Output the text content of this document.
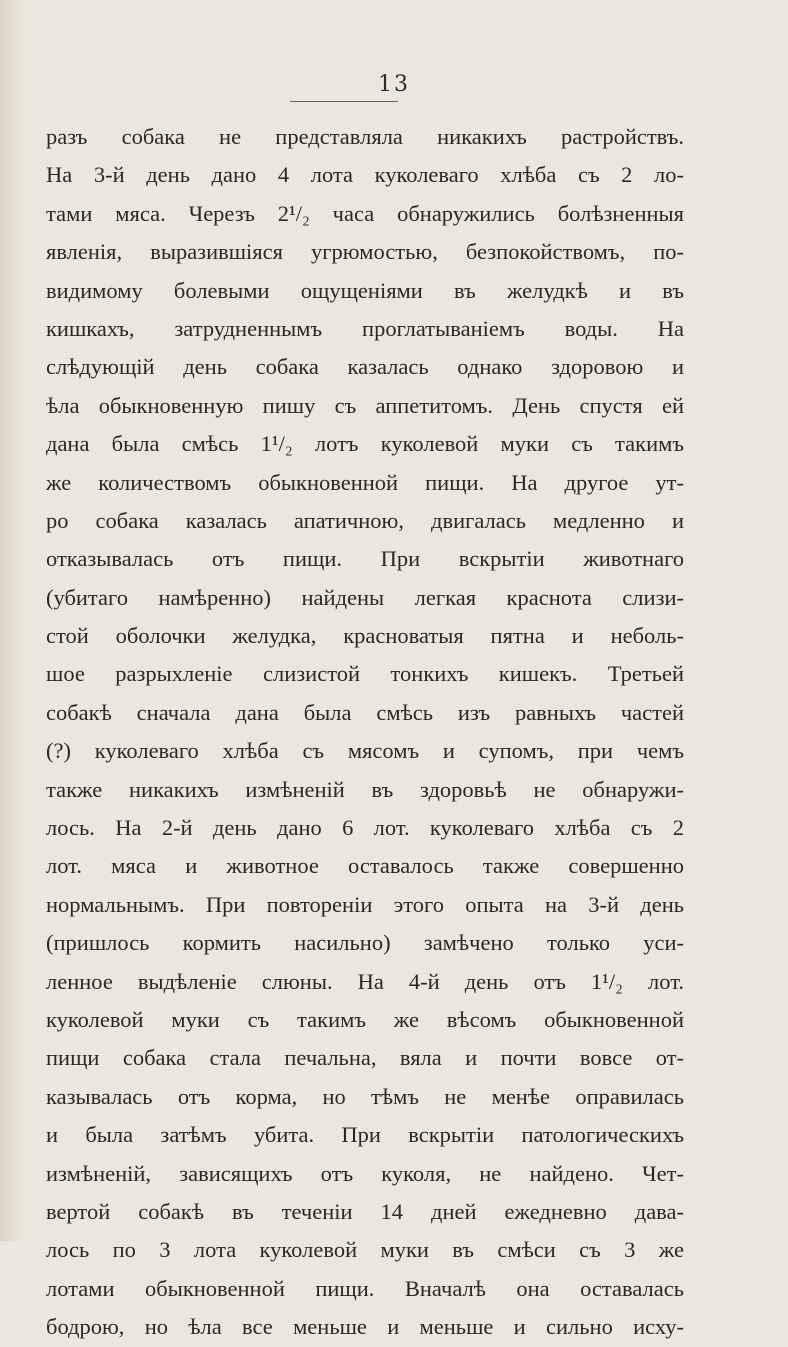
13
разъ собака не представляла никакихъ растройствъ.
На 3-й день дано 4 лота куколеваго хлѣба съ 2 ло-
тами мяса. Черезъ 2¹/₂ часа обнаружились болѣзненныя
явленія, выразившіяся угрюмостью, безпокойствомъ, по-
видимому болевыми ощущеніями въ желудкѣ и въ
кишкахъ, затрудненнымъ проглатываніемъ воды. На
слѣдующій день собака казалась однако здоровою и
ѣла обыкновенную пишу съ аппетитомъ. День спустя ей
дана была смѣсь 1¹/₂ лотъ куколевой муки съ такимъ
же количествомъ обыкновенной пищи. На другое ут-
ро собака казалась апатичною, двигалась медленно и
отказывалась отъ пищи. При вскрытіи животнаго
(убитаго намѣренно) найдены легкая краснота слизи-
стой оболочки желудка, красноватыя пятна и неболь-
шое разрыхленіе слизистой тонкихъ кишекъ. Третьей
собакѣ сначала дана была смѣсь изъ равныхъ частей
(?) куколеваго хлѣба съ мясомъ и супомъ, при чемъ
также никакихъ измѣненій въ здоровьѣ не обнаружи-
лось. На 2-й день дано 6 лот. куколеваго хлѣба съ 2
лот. мяса и животное оставалось также совершенно
нормальнымъ. При повтореніи этого опыта на 3-й день
(пришлось кормить насильно) замѣчено только уси-
ленное выдѣленіе слюны. На 4-й день отъ 1¹/₂ лот.
куколевой муки съ такимъ же вѣсомъ обыкновенной
пищи собака стала печальна, вяла и почти вовсе от-
казывалась отъ корма, но тѣмъ не менѣе оправилась
и была затѣмъ убита. При вскрытіи патологическихъ
измѣненій, зависящихъ отъ куколя, не найдено. Чет-
вертой собакѣ въ теченіи 14 дней ежедневно дава-
лось по 3 лота куколевой муки въ смѣси съ 3 же
лотами обыкновенной пищи. Вначалѣ она оставалась
бодрою, но ѣла все меньше и меньше и сильно исху-
